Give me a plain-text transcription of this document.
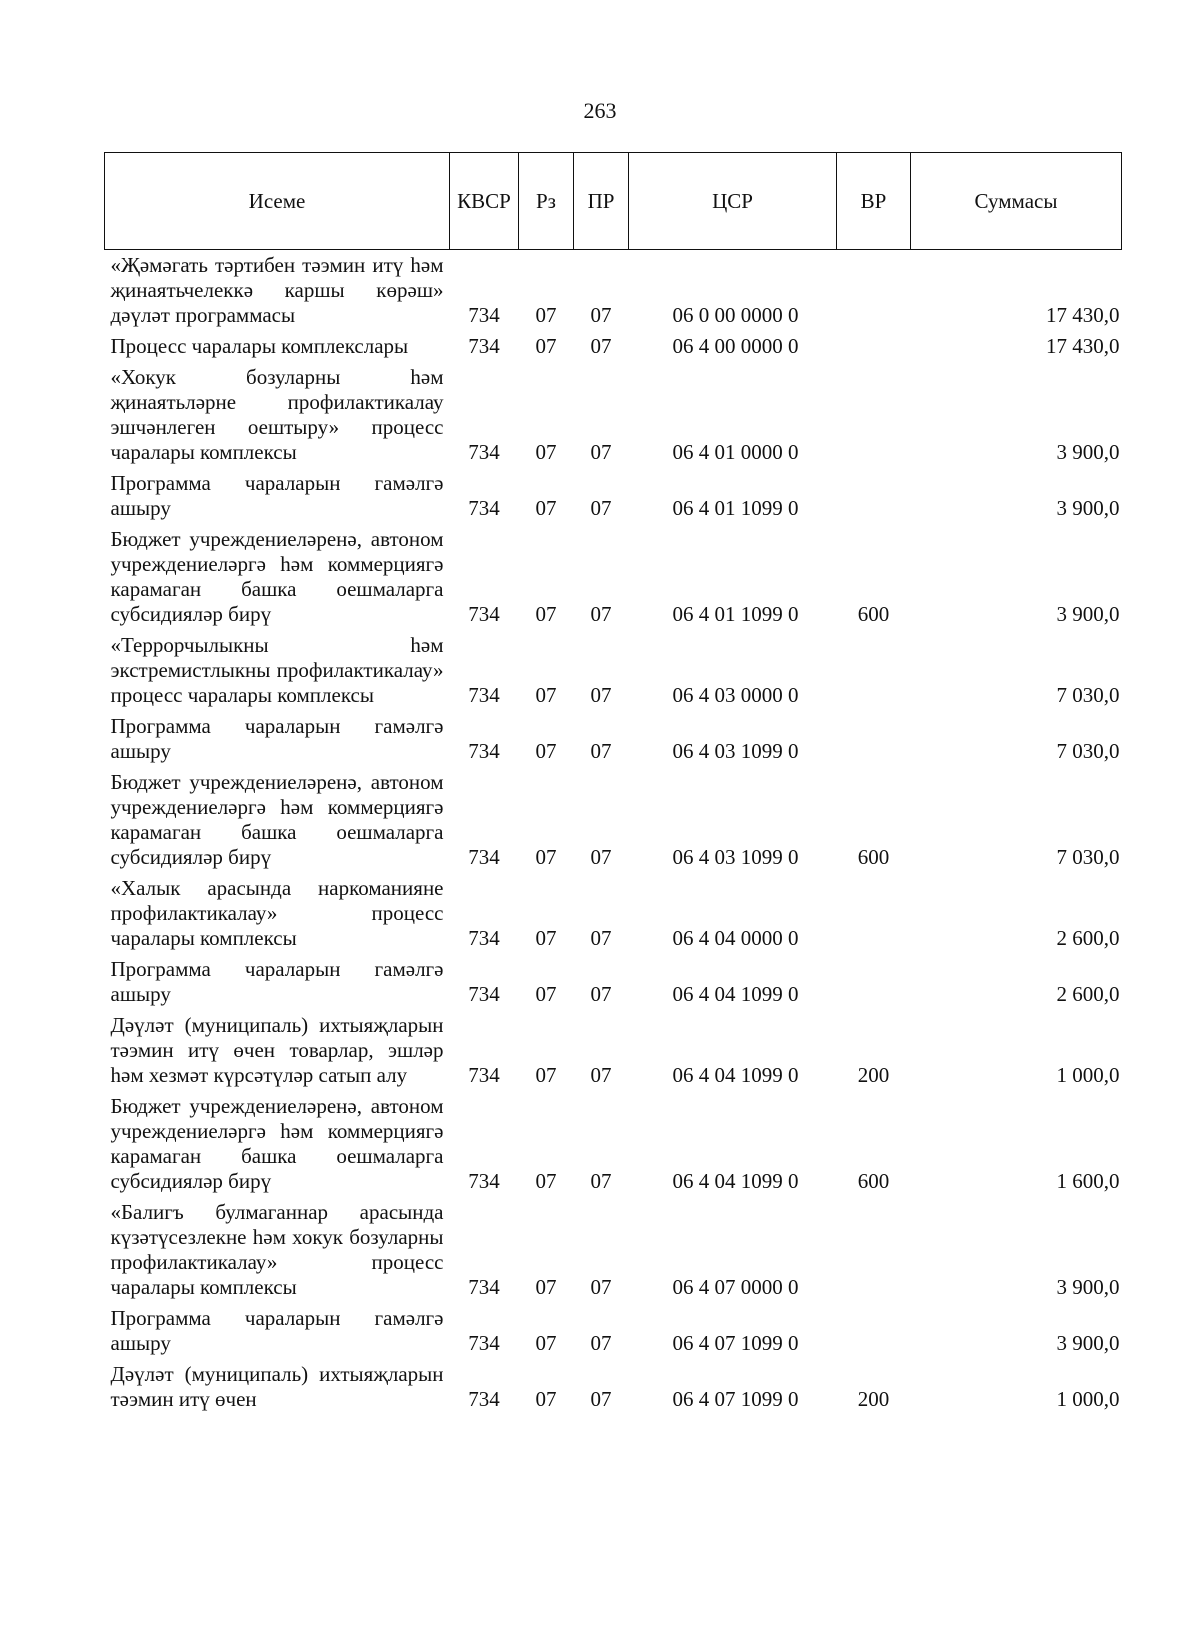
263
Исеме	КВСР	Рз	ПР	ЦСР	ВР	Суммасы
«Җәмәгать тәртибен тәэмин итү һәм җинаятьчелеккә каршы көрәш» дәүләт программасы	734	07	07	06 0 00 0000 0		17 430,0
Процесс чаралары комплекслары	734	07	07	06 4 00 0000 0		17 430,0
«Хокук бозуларны һәм җинаятьләрне профилактикалау эшчәнлеген оештыру» процесс чаралары комплексы	734	07	07	06 4 01 0000 0		3 900,0
Программа чараларын гамәлгә ашыру	734	07	07	06 4 01 1099 0		3 900,0
Бюджет учреждениеләренә, автоном учреждениеләргә һәм коммерциягә карамаган башка оешмаларга субсидияләр бирү	734	07	07	06 4 01 1099 0	600	3 900,0
«Террорчылыкны һәм экстремистлыкны профилактикалау» процесс чаралары комплексы	734	07	07	06 4 03 0000 0		7 030,0
Программа чараларын гамәлгә ашыру	734	07	07	06 4 03 1099 0		7 030,0
Бюджет учреждениеләренә, автоном учреждениеләргә һәм коммерциягә карамаган башка оешмаларга субсидияләр бирү	734	07	07	06 4 03 1099 0	600	7 030,0
«Халык арасында наркоманияне профилактикалау» процесс чаралары комплексы	734	07	07	06 4 04 0000 0		2 600,0
Программа чараларын гамәлгә ашыру	734	07	07	06 4 04 1099 0		2 600,0
Дәүләт (муниципаль) ихтыяҗларын тәэмин итү өчен товарлар, эшләр һәм хезмәт күрсәтүләр сатып алу	734	07	07	06 4 04 1099 0	200	1 000,0
Бюджет учреждениеләренә, автоном учреждениеләргә һәм коммерциягә карамаган башка оешмаларга субсидияләр бирү	734	07	07	06 4 04 1099 0	600	1 600,0
«Балигъ булмаганнар арасында күзәтүсезлекне һәм хокук бозуларны профилактикалау» процесс чаралары комплексы	734	07	07	06 4 07 0000 0		3 900,0
Программа чараларын гамәлгә ашыру	734	07	07	06 4 07 1099 0		3 900,0
Дәүләт (муниципаль) ихтыяҗларын тәэмин итү өчен	734	07	07	06 4 07 1099 0	200	1 000,0
